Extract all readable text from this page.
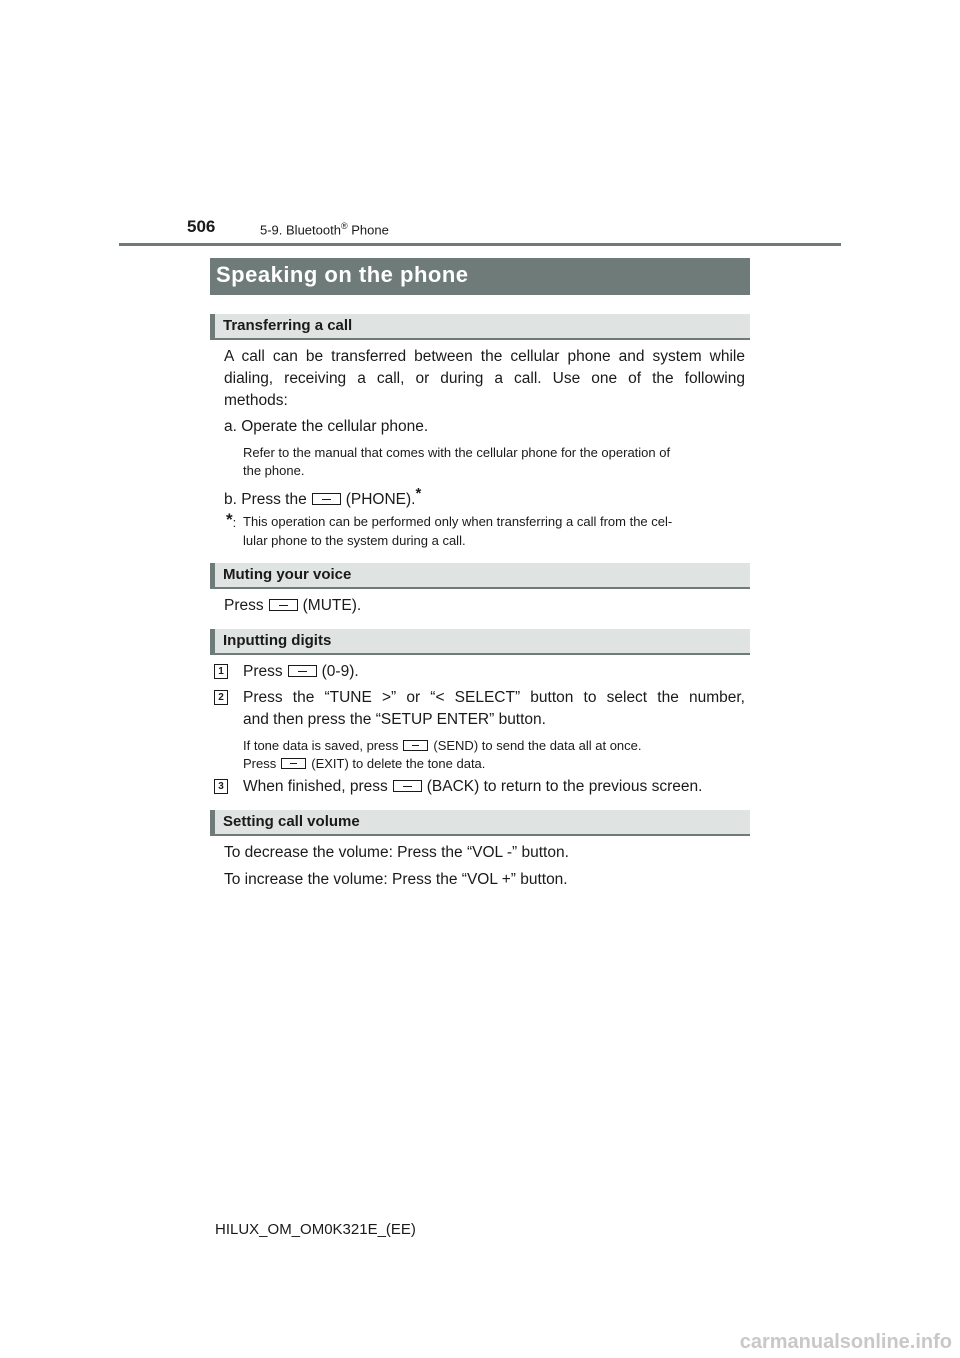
506	5-9. Bluetooth® Phone
Speaking on the phone
Transferring a call
A call can be transferred between the cellular phone and system while
dialing, receiving a call, or during a call. Use one of the following
methods:
a. Operate the cellular phone.
Refer to the manual that comes with the cellular phone for the operation of
the phone.
b. Press the	(PHONE).*
*: This operation can be performed only when transferring a call from the cel-
lular phone to the system during a call.
Muting your voice
Press	(MUTE).
Inputting digits
1 Press	(0-9).
2 Press the “TUNE >” or “< SELECT” button to select the number,
and then press the “SETUP ENTER” button.
If tone data is saved, press	(SEND) to send the data all at once.
Press	(EXIT) to delete the tone data.
3 When finished, press	(BACK) to return to the previous screen.
Setting call volume
To decrease the volume: Press the “VOL -” button.
To increase the volume: Press the “VOL +” button.
HILUX_OM_OM0K321E_(EE)
carmanualsonline.info
